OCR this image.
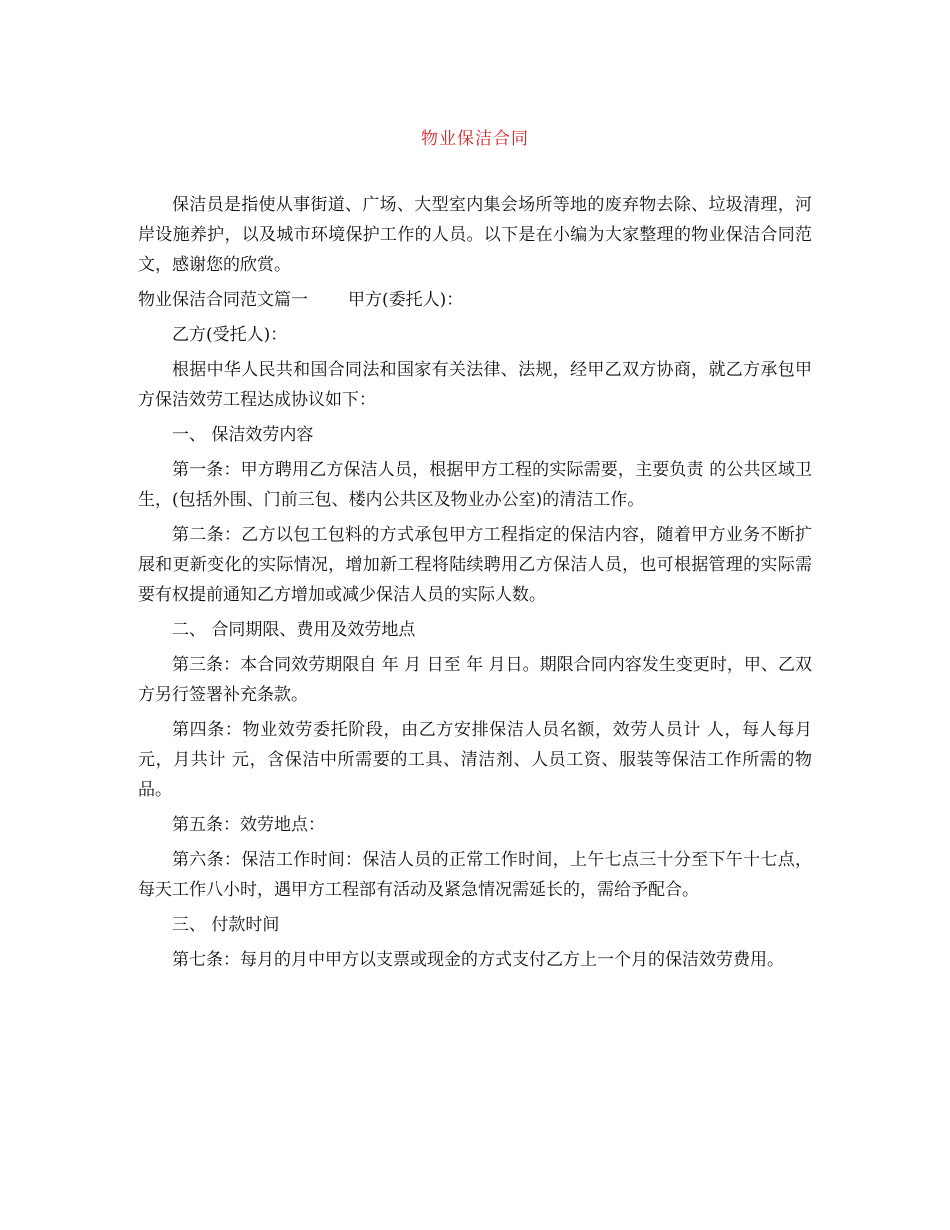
物业保洁合同

保洁员是指使从事街道、广场、大型室内集会场所等地的废弃物去除、垃圾清理，河岸设施养护，以及城市环境保护工作的人员。以下是在小编为大家整理的物业保洁合同范文，感谢您的欣赏。

物业保洁合同范文篇一 甲方(委托人)：

乙方(受托人)：

根据中华人民共和国合同法和国家有关法律、法规，经甲乙双方协商，就乙方承包甲方保洁效劳工程达成协议如下：

一、 保洁效劳内容

第一条：甲方聘用乙方保洁人员，根据甲方工程的实际需要，主要负责 的公共区域卫生，(包括外围、门前三包、楼内公共区及物业办公室)的清洁工作。

第二条：乙方以包工包料的方式承包甲方工程指定的保洁内容，随着甲方业务不断扩展和更新变化的实际情况，增加新工程将陆续聘用乙方保洁人员，也可根据管理的实际需要有权提前通知乙方增加或减少保洁人员的实际人数。

二、 合同期限、费用及效劳地点

第三条：本合同效劳期限自 年 月 日至 年 月日。期限合同内容发生变更时，甲、乙双方另行签署补充条款。

第四条：物业效劳委托阶段，由乙方安排保洁人员名额，效劳人员计 人，每人每月 元，月共计 元，含保洁中所需要的工具、清洁剂、人员工资、服装等保洁工作所需的物品。

第五条：效劳地点：

第六条：保洁工作时间：保洁人员的正常工作时间，上午七点三十分至下午十七点，每天工作八小时，遇甲方工程部有活动及紧急情况需延长的，需给予配合。

三、 付款时间

第七条：每月的月中甲方以支票或现金的方式支付乙方上一个月的保洁效劳费用。
